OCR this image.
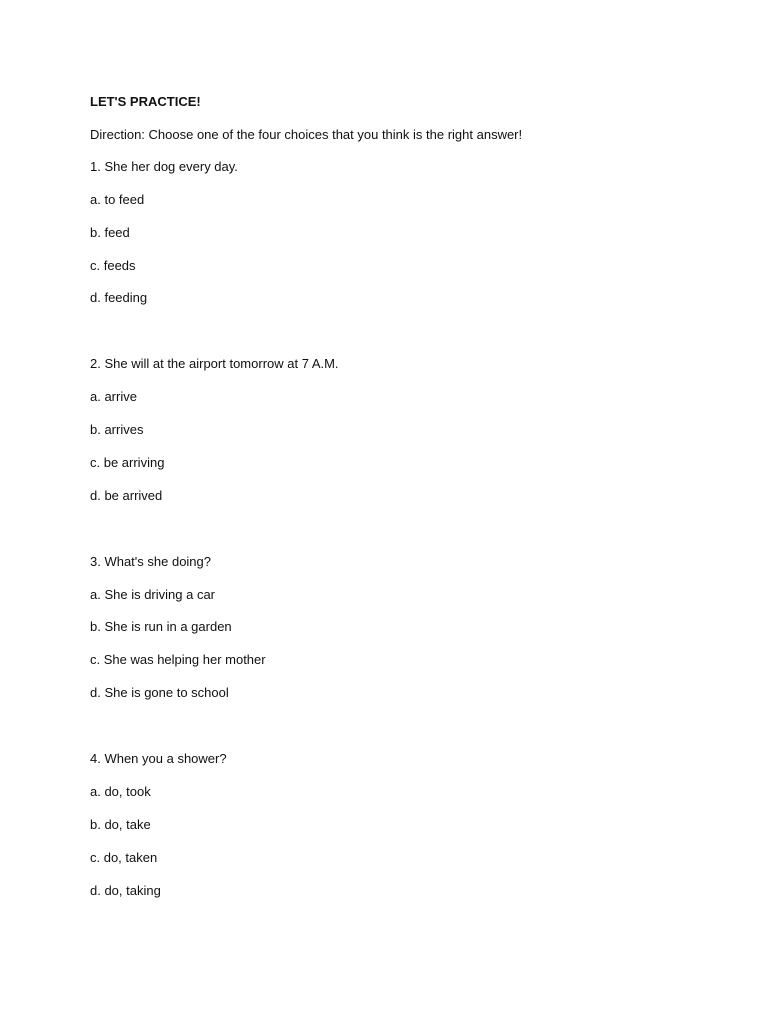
LET'S PRACTICE!
Direction: Choose one of the four choices that you think is the right answer!
1. She her dog every day.
a. to feed
b. feed
c. feeds
d. feeding
2. She will at the airport tomorrow at 7 A.M.
a. arrive
b. arrives
c. be arriving
d. be arrived
3. What's she doing?
a. She is driving a car
b. She is run in a garden
c. She was helping her mother
d. She is gone to school
4. When you a shower?
a. do, took
b. do, take
c. do, taken
d. do, taking
